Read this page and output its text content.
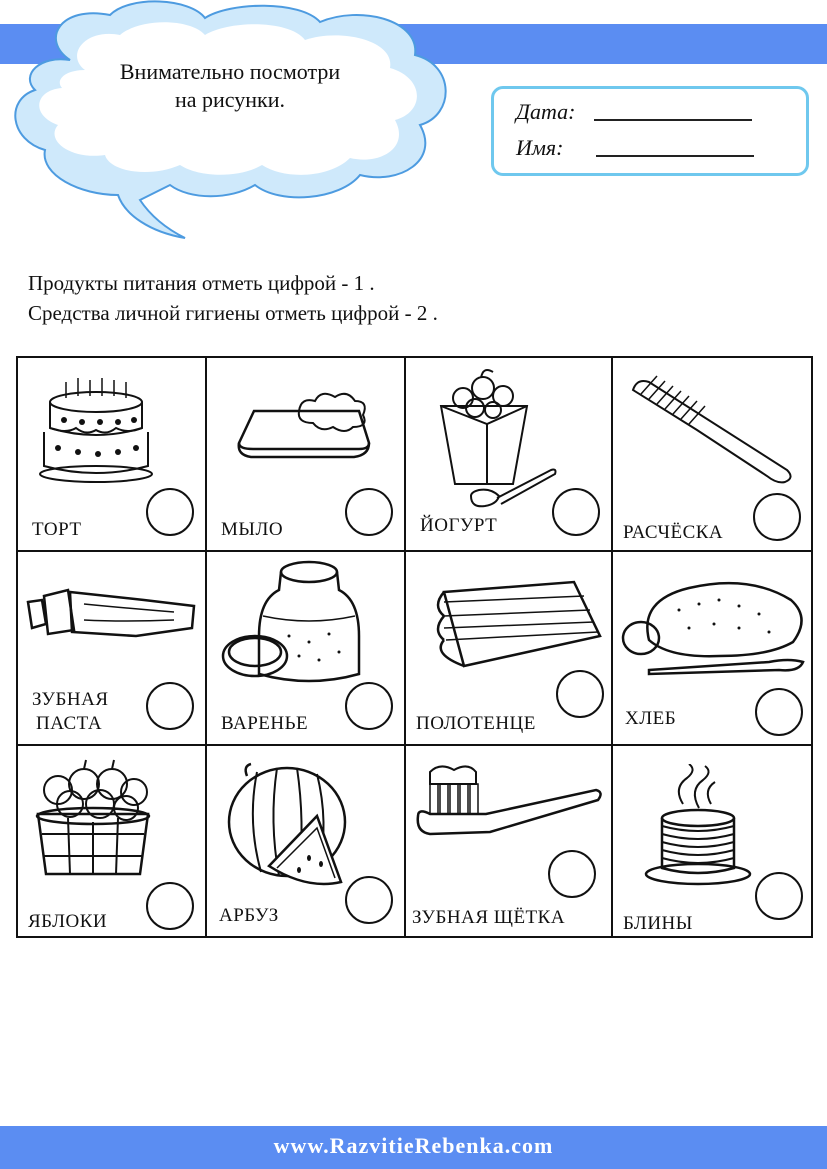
Внимательно посмотри
на рисунки.	Дата:
Имя:
Продукты питания отметь цифрой - 1 .
Средства личной гигиены отметь цифрой - 2 .
ТОРТ	МЫЛО	ЙОГУРТ	РАСЧЁСКА
ЗУБНАЯ
ПАСТА	ВАРЕНЬЕ	ПОЛОТЕНЦЕ	ХЛЕБ
ЯБЛОКИ	АРБУЗ	ЗУБНАЯ ЩЁТКА	БЛИНЫ
www.RazvitieRebenka.com
